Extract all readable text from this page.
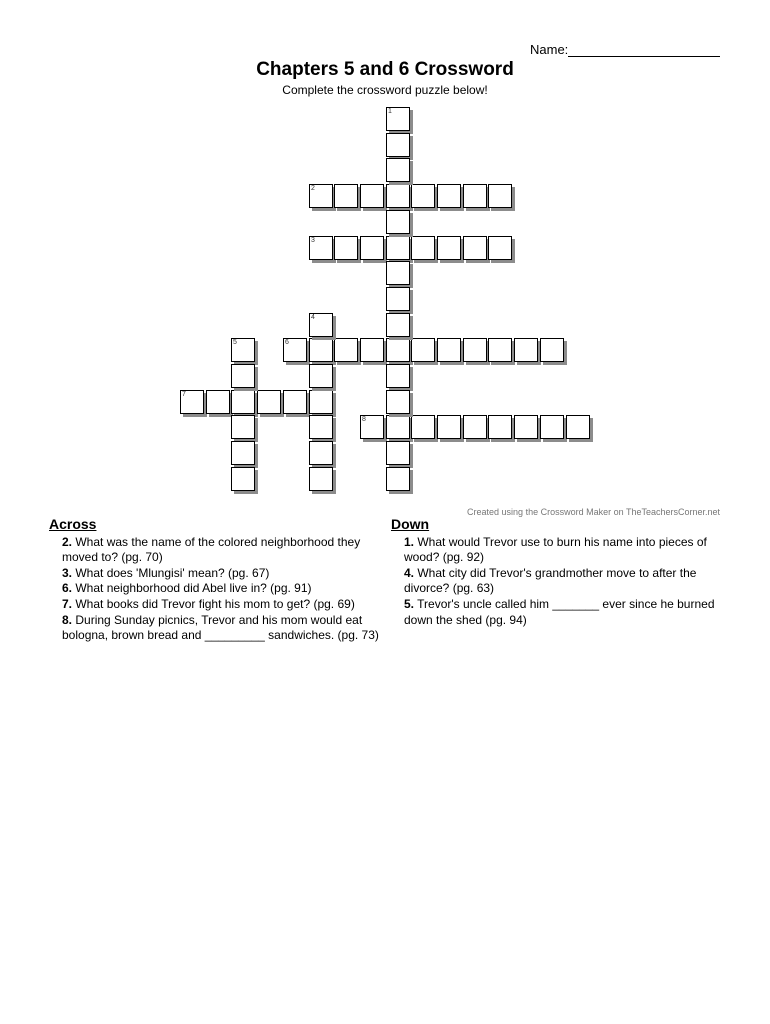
Name:
Chapters 5 and 6 Crossword
Complete the crossword puzzle below!
2
3
6
7
8
1
4
5
Created using the Crossword Maker on TheTeachersCorner.net
Across

2. What was the name of the colored neighborhood they moved to? (pg. 70)

3. What does 'Mlungisi' mean? (pg. 67)

6. What neighborhood did Abel live in? (pg. 91)

7. What books did Trevor fight his mom to get? (pg. 69)

8. During Sunday picnics, Trevor and his mom would eat bologna, brown bread and _________ sandwiches. (pg. 73)

Down

1. What would Trevor use to burn his name into pieces of wood? (pg. 92)

4. What city did Trevor's grandmother move to after the divorce? (pg. 63)

5. Trevor's uncle called him _______ ever since he burned down the shed (pg. 94)
